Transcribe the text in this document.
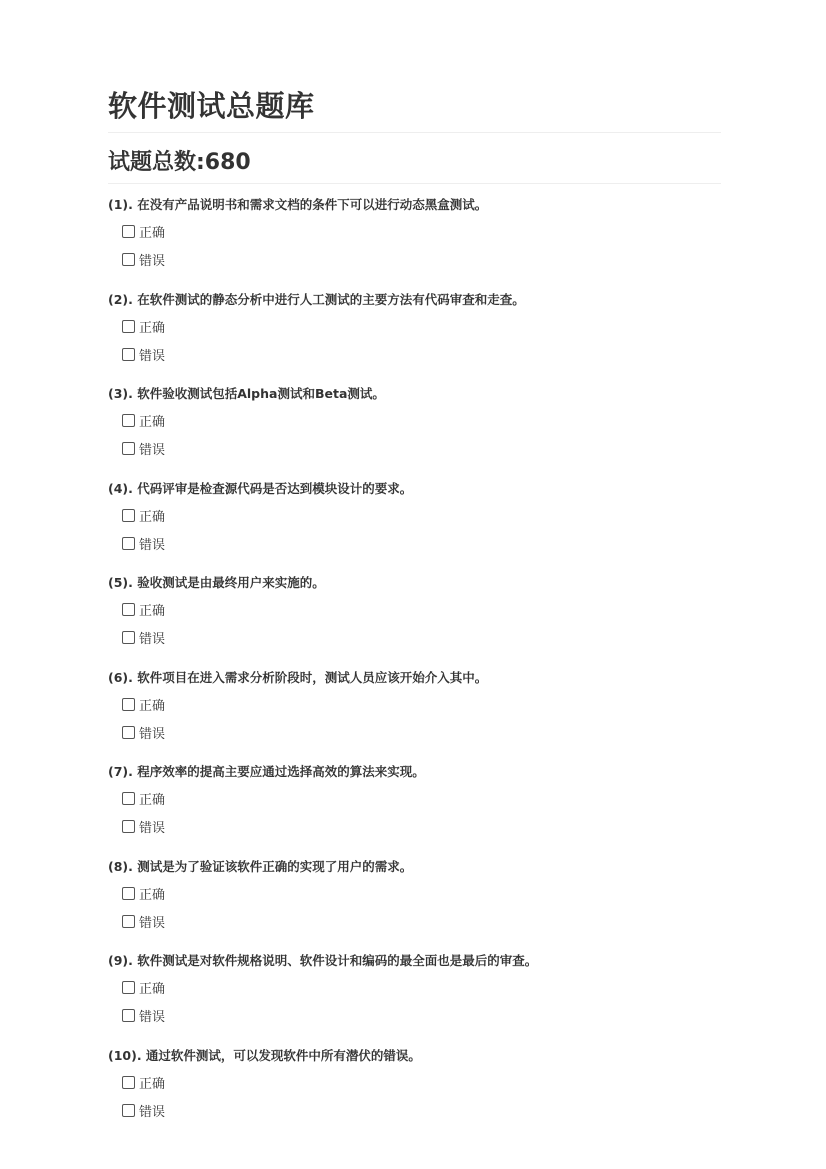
软件测试总题库
试题总数:680
(1). 在没有产品说明书和需求文档的条件下可以进行动态黑盒测试。
正确
错误
(2). 在软件测试的静态分析中进行人工测试的主要方法有代码审查和走查。
正确
错误
(3). 软件验收测试包括Alpha测试和Beta测试。
正确
错误
(4). 代码评审是检查源代码是否达到模块设计的要求。
正确
错误
(5). 验收测试是由最终用户来实施的。
正确
错误
(6). 软件项目在进入需求分析阶段时，测试人员应该开始介入其中。
正确
错误
(7). 程序效率的提高主要应通过选择高效的算法来实现。
正确
错误
(8). 测试是为了验证该软件正确的实现了用户的需求。
正确
错误
(9). 软件测试是对软件规格说明、软件设计和编码的最全面也是最后的审查。
正确
错误
(10). 通过软件测试，可以发现软件中所有潜伏的错误。
正确
错误
